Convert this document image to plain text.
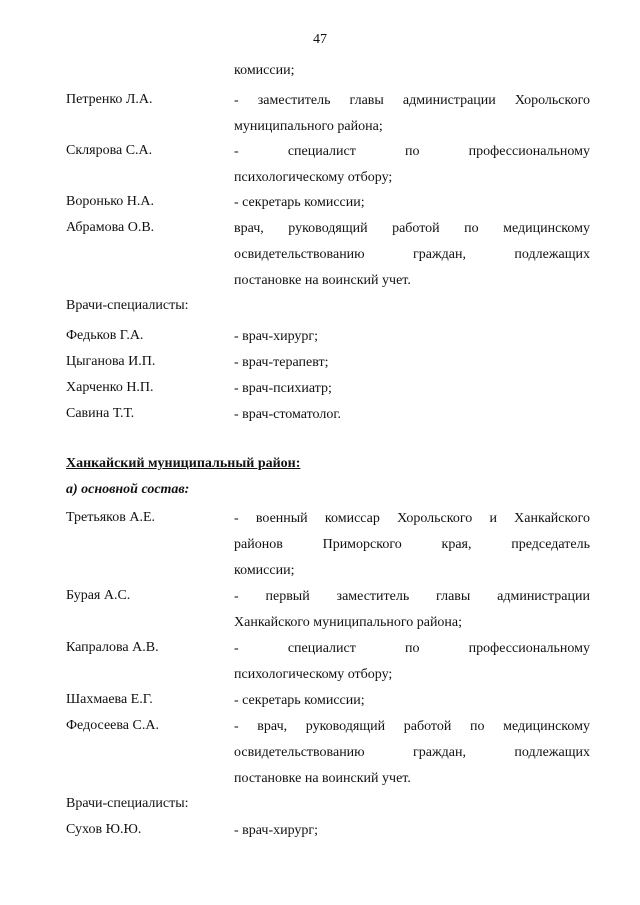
47
комиссии;
Петренко Л.А.	- заместитель главы администрации Хорольского
муниципального района;
Склярова С.А.	- специалист по профессиональному
психологическому отбору;
Воронько Н.А.	- секретарь комиссии;
Абрамова О.В.	врач, руководящий работой по медицинскому
освидетельствованию граждан, подлежащих
постановке на воинский учет.
Врачи-специалисты:
Федьков Г.А.	- врач-хирург;
Цыганова И.П.	- врач-терапевт;
Харченко Н.П.	- врач-психиатр;
Савина Т.Т.	- врач-стоматолог.
Ханкайский муниципальный район:
а) основной состав:
Третьяков А.Е.	- военный комиссар Хорольского и Ханкайского
районов Приморского края, председатель
комиссии;
Бурая А.С.	- первый заместитель главы администрации
Ханкайского муниципального района;
Капралова А.В.	- специалист по профессиональному
психологическому отбору;
Шахмаева Е.Г.	- секретарь комиссии;
Федосеева С.А.	- врач, руководящий работой по медицинскому
освидетельствованию граждан, подлежащих
постановке на воинский учет.
Врачи-специалисты:
Сухов Ю.Ю.	- врач-хирург;
